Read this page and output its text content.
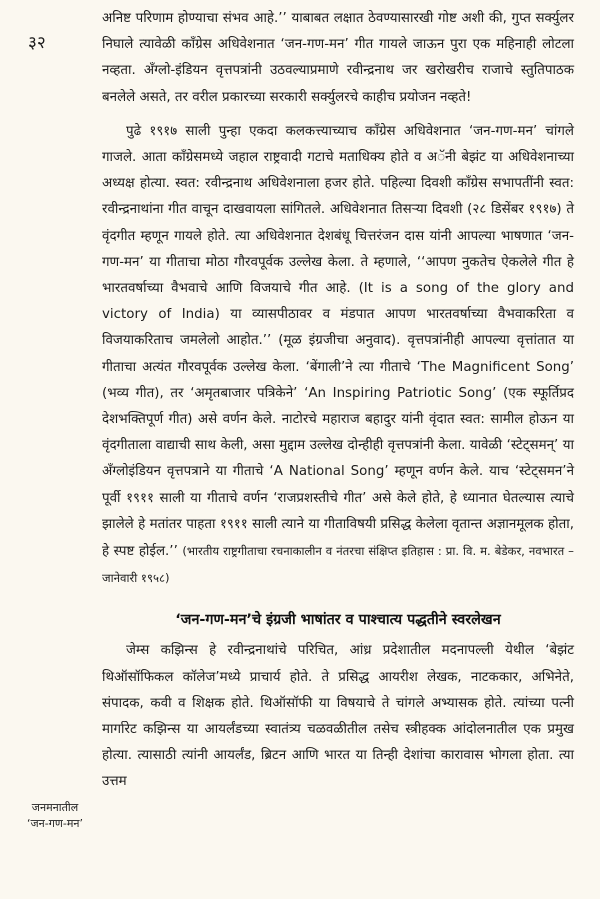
३२

अनिष्ट परिणाम होण्याचा संभव आहे.’’ याबाबत लक्षात ठेवण्यासारखी गोष्ट अशी की, गुप्त सर्क्युलर निघाले त्यावेळी काँग्रेस अधिवेशनात ‘जन-गण-मन’ गीत गायले जाऊन पुरा एक महिनाही लोटला नव्हता. अँग्लो-इंडियन वृत्तपत्रांनी उठवल्याप्रमाणे रवीन्द्रनाथ जर खरोखरीच राजाचे स्तुतिपाठक बनलेले असते, तर वरील प्रकारच्या सरकारी सर्क्युलरचे काहीच प्रयोजन नव्हते!

पुढे १९१७ साली पुन्हा एकदा कलकत्त्याच्याच काँग्रेस अधिवेशनात ‘जन-गण-मन’ चांगले गाजले. आता काँग्रेसमध्ये जहाल राष्ट्रवादी गटाचे मताधिक्य होते व अॅनी बेझंट या अधिवेशनाच्या अध्यक्ष होत्या. स्वत: रवीन्द्रनाथ अधिवेशनाला हजर होते. पहिल्या दिवशी काँग्रेस सभापतींनी स्वत: रवीन्द्रनाथांना गीत वाचून दाखवायला सांगितले. अधिवेशनात तिसऱ्या दिवशी (२८ डिसेंबर १९१७) ते वृंदगीत म्हणून गायले होते. त्या अधिवेशनात देशबंधू चित्तरंजन दास यांनी आपल्या भाषणात ‘जन-गण-मन’ या गीताचा मोठा गौरवपूर्वक उल्लेख केला. ते म्हणाले, ‘‘आपण नुकतेच ऐकलेले गीत हे भारतवर्षाच्या वैभवाचे आणि विजयाचे गीत आहे. (It is a song of the glory and victory of India) या व्यासपीठावर व मंडपात आपण भारतवर्षाच्या वैभवाकरिता व विजयाकरिताच जमलेलो आहोत.’’ (मूळ इंग्रजीचा अनुवाद). वृत्तपत्रांनीही आपल्या वृत्तांतात या गीताचा अत्यंत गौरवपूर्वक उल्लेख केला. ‘बेंगाली’ने त्या गीताचे ‘The Magnificent Song’ (भव्य गीत), तर ‘अमृतबाजार पत्रिकेने’ ‘An Inspiring Patriotic Song’ (एक स्फूर्तिप्रद देशभक्तिपूर्ण गीत) असे वर्णन केले. नाटोरचे महाराज बहादुर यांनी वृंदात स्वत: सामील होऊन या वृंदगीताला वाद्याची साथ केली, असा मुद्दाम उल्लेख दोन्हीही वृत्तपत्रांनी केला. यावेळी ‘स्टेट्समन्’ या अँग्लोइंडियन वृत्तपत्राने या गीताचे ‘A National Song’ म्हणून वर्णन केले. याच ‘स्टेट्समन’ने पूर्वी १९११ साली या गीताचे वर्णन ‘राजप्रशस्तीचे गीत’ असे केले होते, हे ध्यानात घेतल्यास त्याचे झालेले हे मतांतर पाहता १९११ साली त्याने या गीताविषयी प्रसिद्ध केलेला वृतान्त अज्ञानमूलक होता, हे स्पष्ट होईल.’’ (भारतीय राष्ट्रगीताचा रचनाकालीन व नंतरचा संक्षिप्त इतिहास : प्रा. वि. म. बेडेकर, नवभारत – जानेवारी १९५८)

‘जन-गण-मन’चे इंग्रजी भाषांतर व पाश्चात्य पद्धतीने स्वरलेखन

जेम्स कझिन्स हे रवीन्द्रनाथांचे परिचित, आंध्र प्रदेशातील मदनापल्ली येथील ‘बेझंट थिऑसॉफिकल कॉलेज’मध्ये प्राचार्य होते. ते प्रसिद्ध आयरीश लेखक, नाटककार, अभिनेते, संपादक, कवी व शिक्षक होते. थिऑसॉफी या विषयाचे ते चांगले अभ्यासक होते. त्यांच्या पत्नी मार्गारेट कझिन्स या आयर्लंडच्या स्वातंत्र्य चळवळीतील तसेच स्त्रीहक्क आंदोलनातील एक प्रमुख होत्या. त्यासाठी त्यांनी आयर्लंड, ब्रिटन आणि भारत या तिन्ही देशांचा कारावास भोगला होता. त्या उत्तम

जनमनातील
‘जन-गण-मन’
